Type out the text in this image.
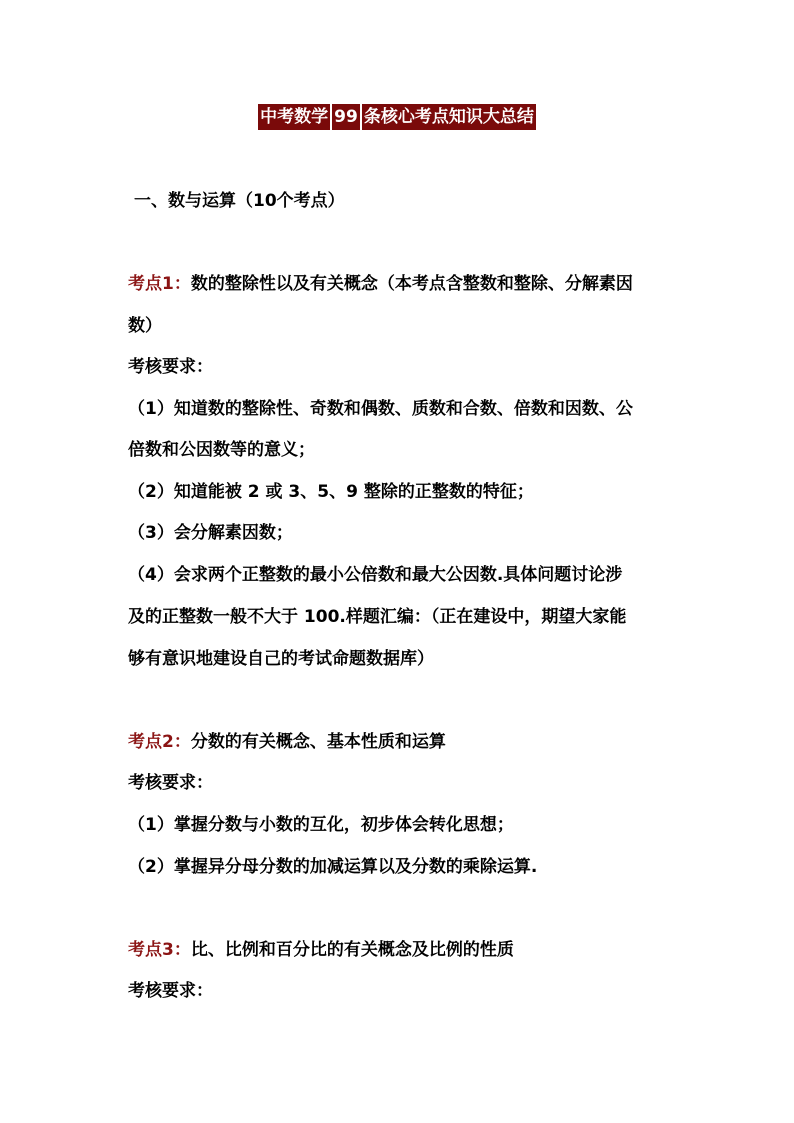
中考数学 99 条核心考点知识大总结
一、数与运算（10个考点）
考点1：数的整除性以及有关概念（本考点含整数和整除、分解素因
数）
考核要求：
（1）知道数的整除性、奇数和偶数、质数和合数、倍数和因数、公
倍数和公因数等的意义；
（2）知道能被 2 或 3、5、9 整除的正整数的特征；
（3）会分解素因数；
（4）会求两个正整数的最小公倍数和最大公因数.具体问题讨论涉
及的正整数一般不大于 100.样题汇编：（正在建设中，期望大家能
够有意识地建设自己的考试命题数据库）
考点2：分数的有关概念、基本性质和运算
考核要求：
（1）掌握分数与小数的互化，初步体会转化思想；
（2）掌握异分母分数的加减运算以及分数的乘除运算.
考点3：比、比例和百分比的有关概念及比例的性质
考核要求：
